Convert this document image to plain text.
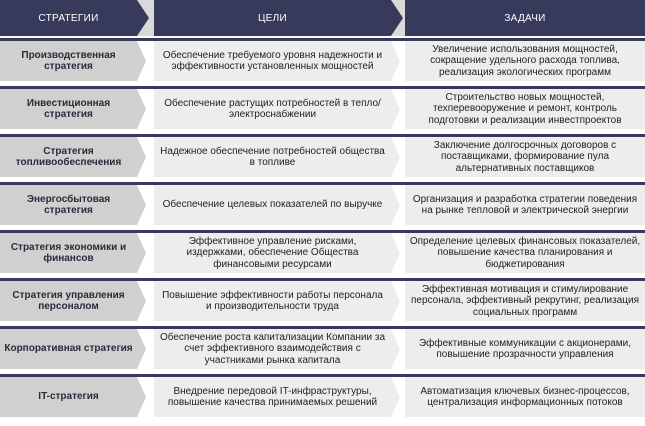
СТРАТЕГИИ	ЦЕЛИ	ЗАДАЧИ
Производственная стратегия
Обеспечение требуемого уровня надежности и эффективности установленных мощностей
Увеличение использования мощностей, сокращение удельного расхода топлива, реализация экологических программ
Инвестиционная стратегия
Обеспечение растущих потребностей в тепло/электроснабжении
Строительство новых мощностей, техперевооружение и ремонт, контроль подготовки и реализации инвестпроектов
Стратегия топливообеспечения
Надежное обеспечение потребностей общества в топливе
Заключение долгосрочных договоров с поставщиками, формирование пула альтернативных поставщиков
Энергосбытовая стратегия
Обеспечение целевых показателей по выручке
Организация и разработка стратегии поведения на рынке тепловой и электрической энергии
Стратегия экономики и финансов
Эффективное управление рисками, издержками, обеспечение Общества финансовыми ресурсами
Определение целевых финансовых показателей, повышение качества планирования и бюджетирования
Стратегия управления персоналом
Повышение эффективности работы персонала и производительности труда
Эффективная мотивация и стимулирование персонала, эффективный рекрутинг, реализация социальных программ
Корпоративная стратегия
Обеспечение роста капитализации Компании за счет эффективного взаимодействия с участниками рынка капитала
Эффективные коммуникации с акционерами, повышение прозрачности управления
IT-стратегия
Внедрение передовой IT-инфраструктуры, повышение качества принимаемых решений
Автоматизация ключевых бизнес-процессов, централизация информационных потоков
